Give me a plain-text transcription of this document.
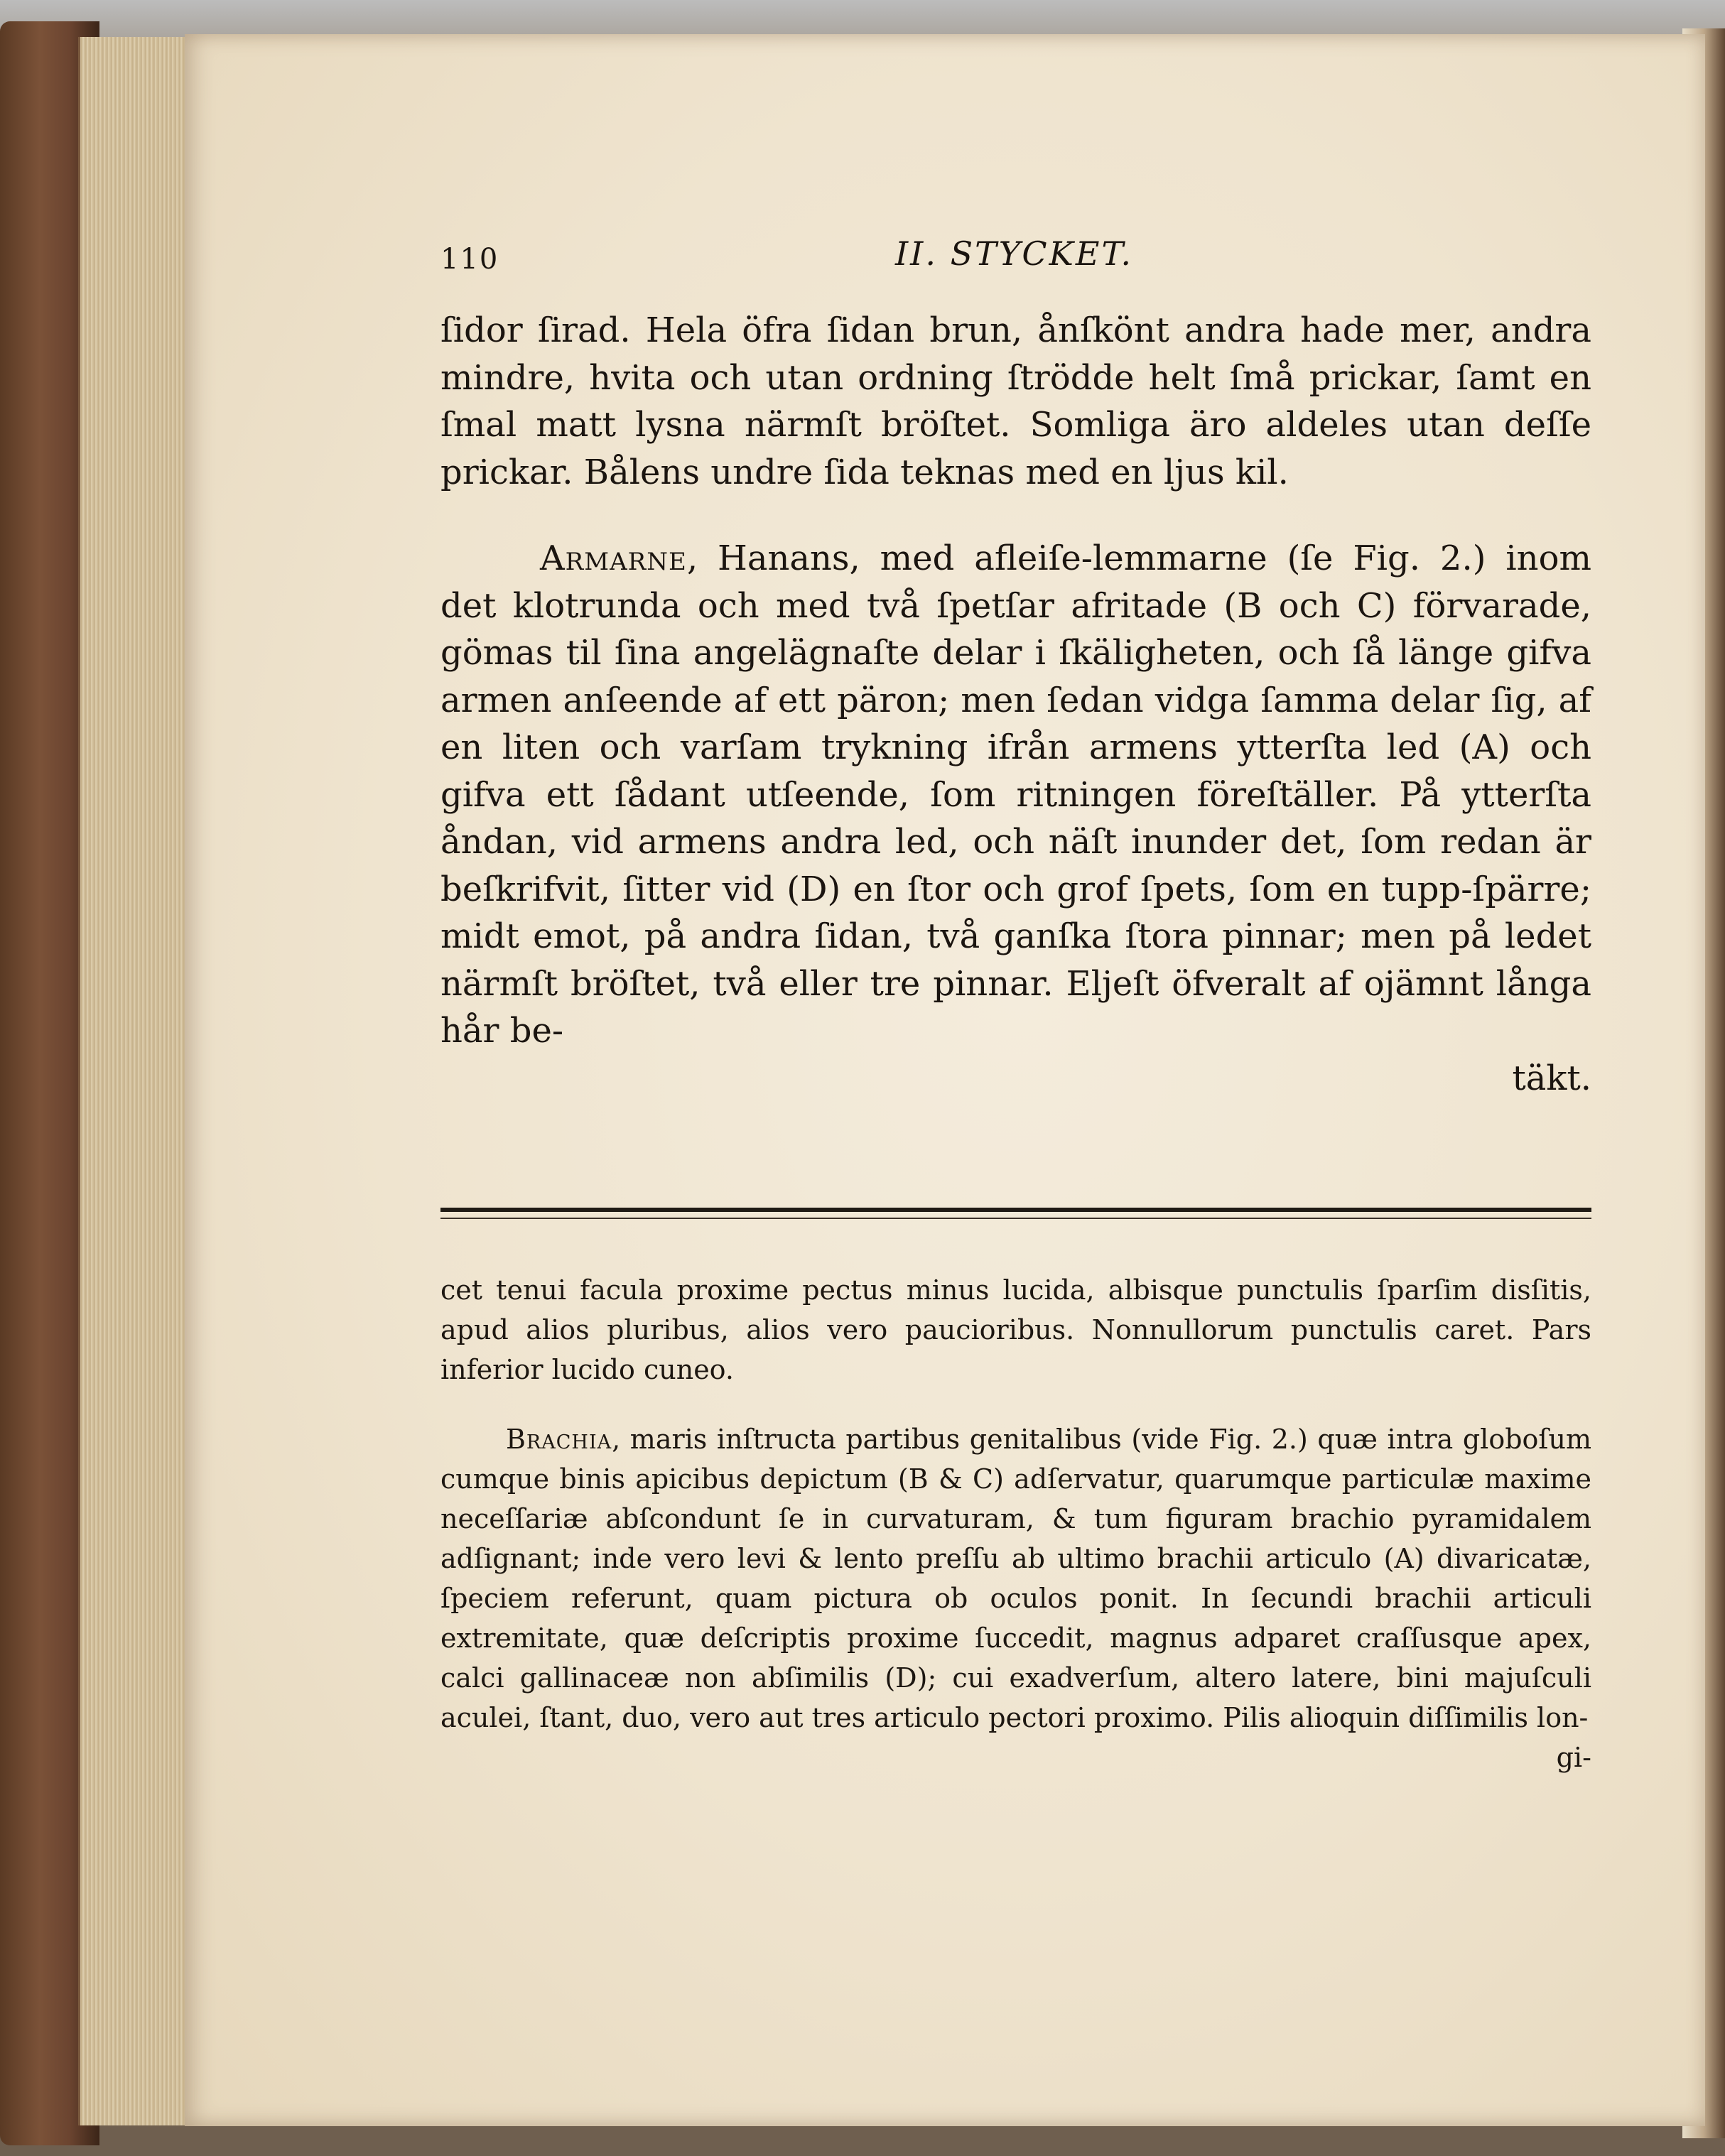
110	II. STYCKET.

ſidor ſirad. Hela öfra ſidan brun, ånſkönt andra hade mer, andra mindre, hvita och utan ordning ſtrödde helt ſmå prickar, ſamt en ſmal matt lysna närmſt bröſtet. Somliga äro aldeles utan deſſe prickar. Bålens undre ſida teknas med en ljus kil.

Armarne, Hanans, med afleiſe-lemmarne (ſe Fig. 2.) inom det klotrunda och med två ſpetſar afritade (B och C) förvarade, gömas til ſina angelägnaſte delar i ſkäligheten, och ſå länge gifva armen anſeende af ett päron; men ſedan vidga ſamma delar ſig, af en liten och varſam trykning ifrån armens ytterſta led (A) och gifva ett ſådant utſeende, ſom ritningen föreſtäller. På ytterſta åndan, vid armens andra led, och näſt inunder det, ſom redan är beſkrifvit, ſitter vid (D) en ſtor och grof ſpets, ſom en tupp-ſpärre; midt emot, på andra ſidan, två ganſka ſtora pinnar; men på ledet närmſt bröſtet, två eller tre pinnar. Eljeſt öfveralt af ojämnt långa hår be-

täkt.

cet tenui facula proxime pectus minus lucida, albisque punctulis ſparſim disſitis, apud alios pluribus, alios vero paucioribus. Nonnullorum punctulis caret. Pars inferior lucido cuneo.

Brachia, maris inſtructa partibus genitalibus (vide Fig. 2.) quæ intra globoſum cumque binis apicibus depictum (B & C) adſervatur, quarumque particulæ maxime neceſſariæ abſcondunt ſe in curvaturam, & tum figuram brachio pyramidalem adſignant; inde vero levi & lento preſſu ab ultimo brachii articulo (A) divaricatæ, ſpeciem referunt, quam pictura ob oculos ponit. In ſecundi brachii articuli extremitate, quæ deſcriptis proxime ſuccedit, magnus adparet craſſusque apex, calci gallinaceæ non abſimilis (D); cui exadverſum, altero latere, bini majuſculi aculei, ſtant, duo, vero aut tres articulo pectori proximo. Pilis alioquin diſſimilis lon-

gi-
